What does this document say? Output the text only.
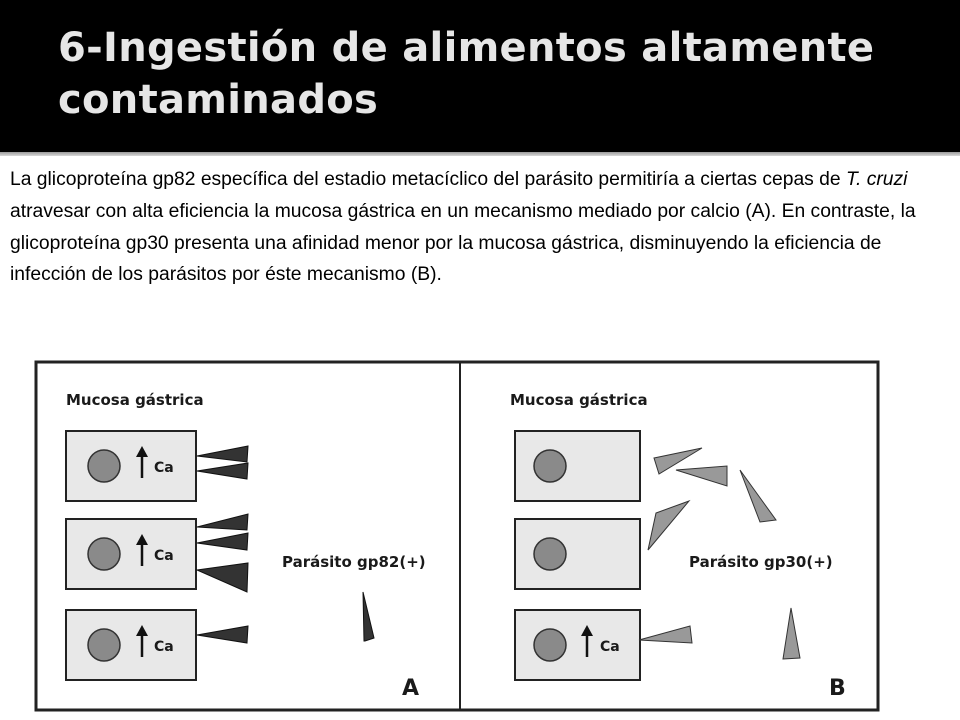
6-Ingestión de alimentos altamente
contaminados
La glicoproteína gp82 específica del estadio metacíclico del parásito permitiría a ciertas cepas de T. cruzi atravesar con alta eficiencia la mucosa gástrica en un mecanismo mediado por calcio (A). En contraste, la glicoproteína gp30 presenta una afinidad menor por la mucosa gástrica, disminuyendo la eficiencia de infección de los parásitos por éste mecanismo (B).
Mucosa gástrica
Ca
Ca
Ca
Parásito gp82(+)
A
Mucosa gástrica
Ca
Parásito gp30(+)
B
